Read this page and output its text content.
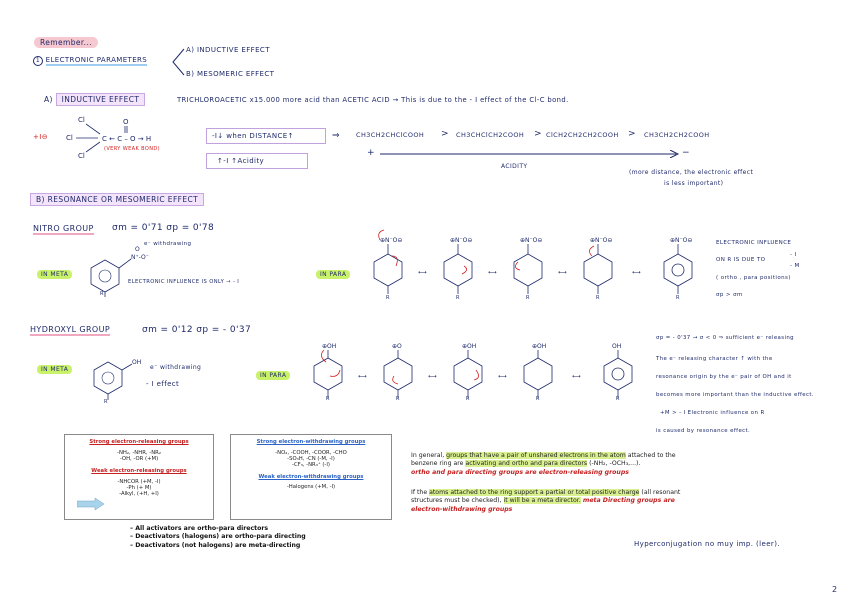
Remember...
1 ELECTRONIC PARAMETERS
A) INDUCTIVE EFFECT
B) MESOMERIC EFFECT
A) INDUCTIVE EFFECT	TRICHLOROACETIC x15.000 more acid than ACETIC ACID → This is due to the - I effect of the Cl-C bond.
+I⊖
Cl
Cl
Cl
C ← C – O → H
O
(VERY WEAK BOND)
-I↓ when DISTANCE↑
↑-I ↑Acidity
⇒ CH3CH2CHClCOOH > CH3CHClCH2COOH > ClCH2CH2CH2COOH > CH3CH2CH2COOH
+	−
ACIDITY
(more distance, the electronic effect
is less important)
B) RESONANCE OR MESOMERIC EFFECT
NITRO GROUP σm = 0'71 σp = 0'78
IN META
N⁺-O⁻
O
R
e⁻ withdrawing
ELECTRONIC INFLUENCE IS ONLY → - I
IN PARA
⊕N⁻O⊖	⊕N⁻O⊖	⊕N⁻O⊖	⊕N⁻O⊖	⊕N⁻O⊖
⟷	⟷	⟷	⟷
R	R	R	R	R
ELECTRONIC INFLUENCE
ON R IS DUE TO
- I
- M
( ortho , para positions)
σp > σm
HYDROXYL GROUP	σm = 0'12 σp = - 0'37
IN META
OH
R
e⁻ withdrawing
- I effect
IN PARA
⊕OH	⊕O	⊕OH	⊕OH	OH
⟷	⟷	⟷	⟷
R	R	R	R	R
σp = - 0'37 → σ < 0 ⇒ sufficient e⁻ releasing
The e⁻ releasing character ↑ with the
resonance origin by the e⁻ pair of OH and it
becomes more important than the inductive effect.
+M > - I Electronic influence on R
is caused by resonance effect.
Strong electron-releasing groups
-NH₂, -NHR, -NR₂
-OH, -OR (+M)
Weak electron-releasing groups
-NHCOR (+M, -I)
-Ph (+ M)
-Alkyl, (+H, +I)
Strong electron-withdrawing groups
-NO₂, -COOH, -COOR, -CHO
-SO₃H, -CN (-M, -I)
-CF₃, -NR₃⁺ (-I)
Weak electron-withdrawing groups
-Halogens (+M, -I)
– All activators are ortho-para directors
– Deactivators (halogens) are ortho-para directing
– Deactivators (not halogens) are meta-directing
In general, groups that have a pair of unshared electrons in the atom attached to the benzene ring are activating and ortho and para directors (-NH₂, -OCH₃,...).
ortho and para directing groups are electron-releasing groups
If the atoms attached to the ring support a partial or total positive charge (all resonant structures must be checked), it will be a meta director. meta Directing groups are electron-withdrawing groups
Hyperconjugation no muy imp. (leer).
2
